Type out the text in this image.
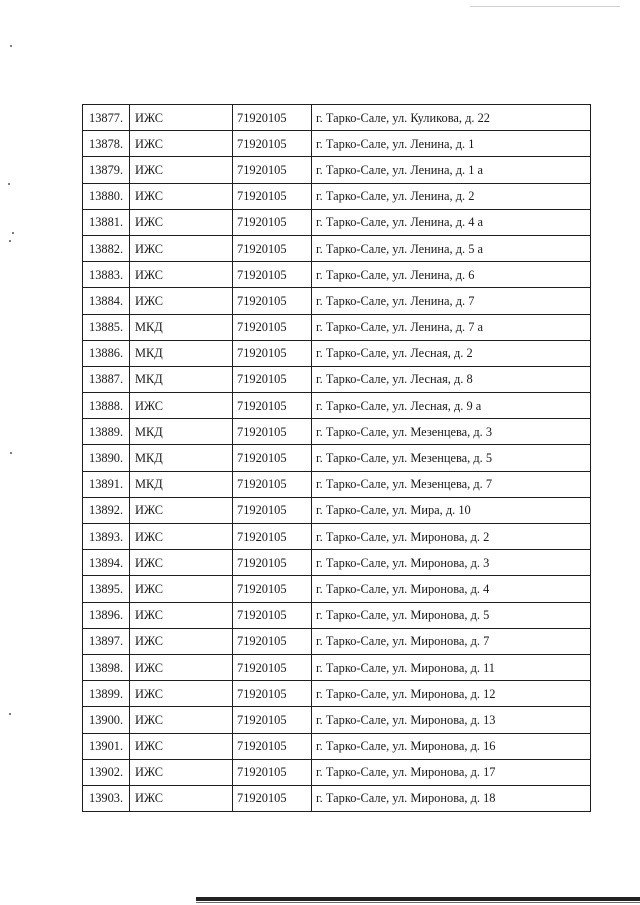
13877.	ИЖС	71920105	г. Тарко-Сале, ул. Куликова, д. 22
13878.	ИЖС	71920105	г. Тарко-Сале, ул. Ленина, д. 1
13879.	ИЖС	71920105	г. Тарко-Сале, ул. Ленина, д. 1 а
13880.	ИЖС	71920105	г. Тарко-Сале, ул. Ленина, д. 2
13881.	ИЖС	71920105	г. Тарко-Сале, ул. Ленина, д. 4 а
13882.	ИЖС	71920105	г. Тарко-Сале, ул. Ленина, д. 5 а
13883.	ИЖС	71920105	г. Тарко-Сале, ул. Ленина, д. 6
13884.	ИЖС	71920105	г. Тарко-Сале, ул. Ленина, д. 7
13885.	МКД	71920105	г. Тарко-Сале, ул. Ленина, д. 7 а
13886.	МКД	71920105	г. Тарко-Сале, ул. Лесная, д. 2
13887.	МКД	71920105	г. Тарко-Сале, ул. Лесная, д. 8
13888.	ИЖС	71920105	г. Тарко-Сале, ул. Лесная, д. 9 а
13889.	МКД	71920105	г. Тарко-Сале, ул. Мезенцева, д. 3
13890.	МКД	71920105	г. Тарко-Сале, ул. Мезенцева, д. 5
13891.	МКД	71920105	г. Тарко-Сале, ул. Мезенцева, д. 7
13892.	ИЖС	71920105	г. Тарко-Сале, ул. Мира, д. 10
13893.	ИЖС	71920105	г. Тарко-Сале, ул. Миронова, д. 2
13894.	ИЖС	71920105	г. Тарко-Сале, ул. Миронова, д. 3
13895.	ИЖС	71920105	г. Тарко-Сале, ул. Миронова, д. 4
13896.	ИЖС	71920105	г. Тарко-Сале, ул. Миронова, д. 5
13897.	ИЖС	71920105	г. Тарко-Сале, ул. Миронова, д. 7
13898.	ИЖС	71920105	г. Тарко-Сале, ул. Миронова, д. 11
13899.	ИЖС	71920105	г. Тарко-Сале, ул. Миронова, д. 12
13900.	ИЖС	71920105	г. Тарко-Сале, ул. Миронова, д. 13
13901.	ИЖС	71920105	г. Тарко-Сале, ул. Миронова, д. 16
13902.	ИЖС	71920105	г. Тарко-Сале, ул. Миронова, д. 17
13903.	ИЖС	71920105	г. Тарко-Сале, ул. Миронова, д. 18
